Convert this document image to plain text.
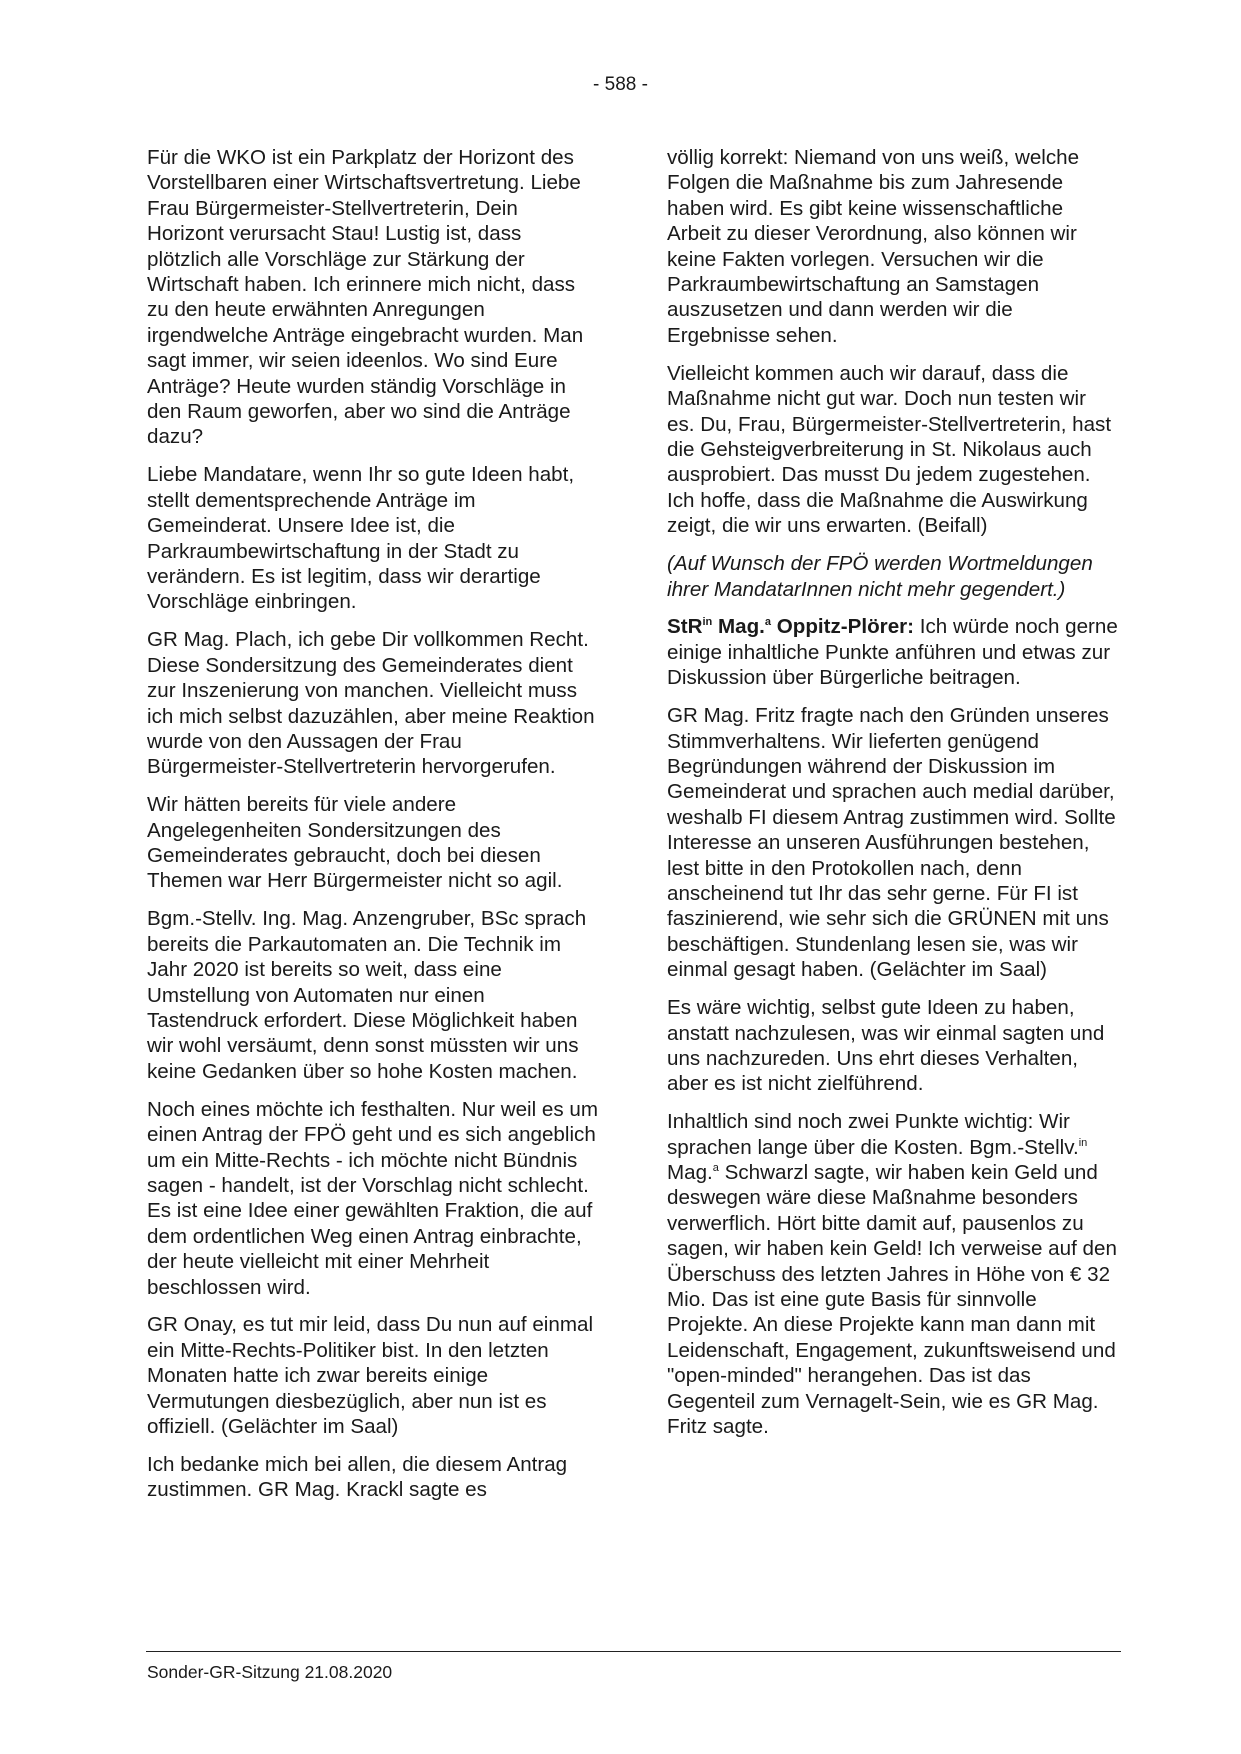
- 588 -

Für die WKO ist ein Parkplatz der Horizont des Vorstellbaren einer Wirtschaftsvertretung. Liebe Frau Bürgermeister-Stellvertreterin, Dein Horizont verursacht Stau! Lustig ist, dass plötzlich alle Vorschläge zur Stärkung der Wirtschaft haben. Ich erinnere mich nicht, dass zu den heute erwähnten Anregungen irgendwelche Anträge eingebracht wurden. Man sagt immer, wir seien ideenlos. Wo sind Eure Anträge? Heute wurden ständig Vorschläge in den Raum geworfen, aber wo sind die Anträge dazu?

Liebe Mandatare, wenn Ihr so gute Ideen habt, stellt dementsprechende Anträge im Gemeinderat. Unsere Idee ist, die Parkraumbewirtschaftung in der Stadt zu verändern. Es ist legitim, dass wir derartige Vorschläge einbringen.

GR Mag. Plach, ich gebe Dir vollkommen Recht. Diese Sondersitzung des Gemeinderates dient zur Inszenierung von manchen. Vielleicht muss ich mich selbst dazuzählen, aber meine Reaktion wurde von den Aussagen der Frau Bürgermeister-Stellvertreterin hervorgerufen.

Wir hätten bereits für viele andere Angelegenheiten Sondersitzungen des Gemeinderates gebraucht, doch bei diesen Themen war Herr Bürgermeister nicht so agil.

Bgm.-Stellv. Ing. Mag. Anzengruber, BSc sprach bereits die Parkautomaten an. Die Technik im Jahr 2020 ist bereits so weit, dass eine Umstellung von Automaten nur einen Tastendruck erfordert. Diese Möglichkeit haben wir wohl versäumt, denn sonst müssten wir uns keine Gedanken über so hohe Kosten machen.

Noch eines möchte ich festhalten. Nur weil es um einen Antrag der FPÖ geht und es sich angeblich um ein Mitte-Rechts - ich möchte nicht Bündnis sagen - handelt, ist der Vorschlag nicht schlecht. Es ist eine Idee einer gewählten Fraktion, die auf dem ordentlichen Weg einen Antrag einbrachte, der heute vielleicht mit einer Mehrheit beschlossen wird.

GR Onay, es tut mir leid, dass Du nun auf einmal ein Mitte-Rechts-Politiker bist. In den letzten Monaten hatte ich zwar bereits einige Vermutungen diesbezüglich, aber nun ist es offiziell. (Gelächter im Saal)

Ich bedanke mich bei allen, die diesem Antrag zustimmen. GR Mag. Krackl sagte es

völlig korrekt: Niemand von uns weiß, welche Folgen die Maßnahme bis zum Jahresende haben wird. Es gibt keine wissenschaftliche Arbeit zu dieser Verordnung, also können wir keine Fakten vorlegen. Versuchen wir die Parkraumbewirtschaftung an Samstagen auszusetzen und dann werden wir die Ergebnisse sehen.

Vielleicht kommen auch wir darauf, dass die Maßnahme nicht gut war. Doch nun testen wir es. Du, Frau, Bürgermeister-Stellvertreterin, hast die Gehsteigverbreiterung in St. Nikolaus auch ausprobiert. Das musst Du jedem zugestehen. Ich hoffe, dass die Maßnahme die Auswirkung zeigt, die wir uns erwarten. (Beifall)

(Auf Wunsch der FPÖ werden Wortmeldungen ihrer MandatarInnen nicht mehr gegendert.)

StR$^{in}$ Mag.$^a$ Oppitz-Plörer: Ich würde noch gerne einige inhaltliche Punkte anführen und etwas zur Diskussion über Bürgerliche beitragen.

GR Mag. Fritz fragte nach den Gründen unseres Stimmverhaltens. Wir lieferten genügend Begründungen während der Diskussion im Gemeinderat und sprachen auch medial darüber, weshalb FI diesem Antrag zustimmen wird. Sollte Interesse an unseren Ausführungen bestehen, lest bitte in den Protokollen nach, denn anscheinend tut Ihr das sehr gerne. Für FI ist faszinierend, wie sehr sich die GRÜNEN mit uns beschäftigen. Stundenlang lesen sie, was wir einmal gesagt haben. (Gelächter im Saal)

Es wäre wichtig, selbst gute Ideen zu haben, anstatt nachzulesen, was wir einmal sagten und uns nachzureden. Uns ehrt dieses Verhalten, aber es ist nicht zielführend.

Inhaltlich sind noch zwei Punkte wichtig: Wir sprachen lange über die Kosten. Bgm.-Stellv.$^{in}$ Mag.$^a$ Schwarzl sagte, wir haben kein Geld und deswegen wäre diese Maßnahme besonders verwerflich. Hört bitte damit auf, pausenlos zu sagen, wir haben kein Geld! Ich verweise auf den Überschuss des letzten Jahres in Höhe von € 32 Mio. Das ist eine gute Basis für sinnvolle Projekte. An diese Projekte kann man dann mit Leidenschaft, Engagement, zukunftsweisend und "open-minded" herangehen. Das ist das Gegenteil zum Vernagelt-Sein, wie es GR Mag. Fritz sagte.

Sonder-GR-Sitzung 21.08.2020
